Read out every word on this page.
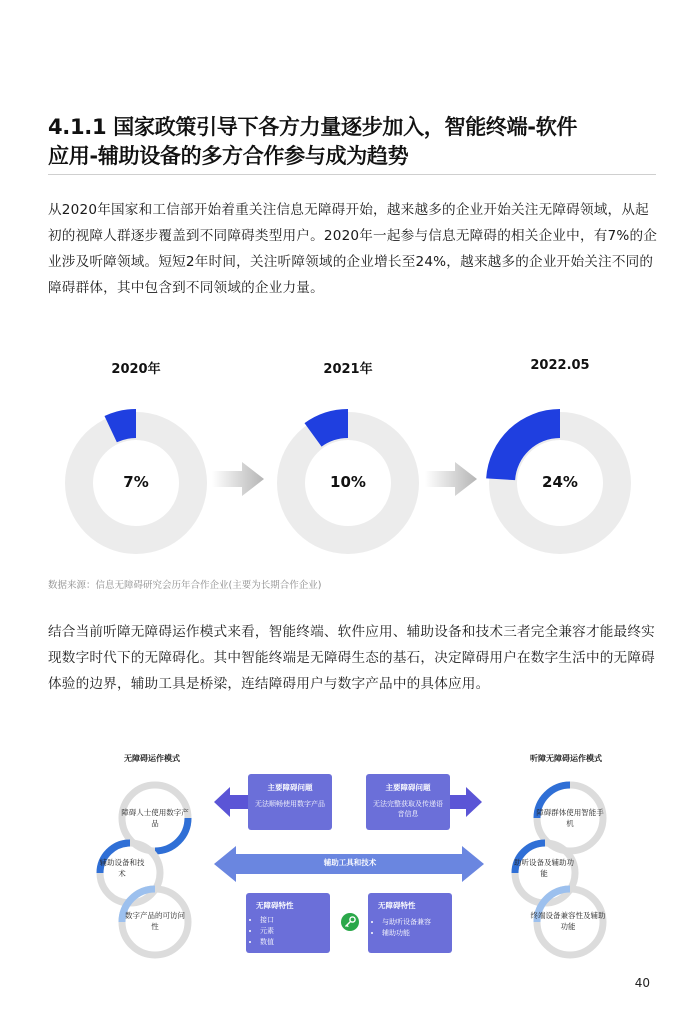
4.1.1 国家政策引导下各方力量逐步加入，智能终端-软件
应用-辅助设备的多方合作参与成为趋势

从2020年国家和工信部开始着重关注信息无障碍开始，越来越多的企业开始关注无障碍领域，从起初的视障人群逐步覆盖到不同障碍类型用户。2020年一起参与信息无障碍的相关企业中，有7%的企业涉及听障领域。短短2年时间，关注听障领域的企业增长至24%，越来越多的企业开始关注不同的障碍群体，其中包含到不同领域的企业力量。

2020年
7%
2021年
10%
2022.05
24%
数据来源：信息无障碍研究会历年合作企业(主要为长期合作企业)

结合当前听障无障碍运作模式来看，智能终端、软件应用、辅助设备和技术三者完全兼容才能最终实现数字时代下的无障碍化。其中智能终端是无障碍生态的基石，决定障碍用户在数字生活中的无障碍体验的边界，辅助工具是桥梁，连结障碍用户与数字产品中的具体应用。

无障碍运作模式	听障无障碍运作模式
障碍人士使用数字产品
辅助设备和技术
数字产品的可访问性
障碍群体使用智能手机
助听设备及辅助功能
终端设备兼容性及辅助功能
主要障碍问题
无法顺畅使用数字产品
主要障碍问题
无法完整获取及传递语音信息
辅助工具和技术
无障碍特性
• 接口
• 元素
• 数值
无障碍特性
• 与助听设备兼容
• 辅助功能
40
